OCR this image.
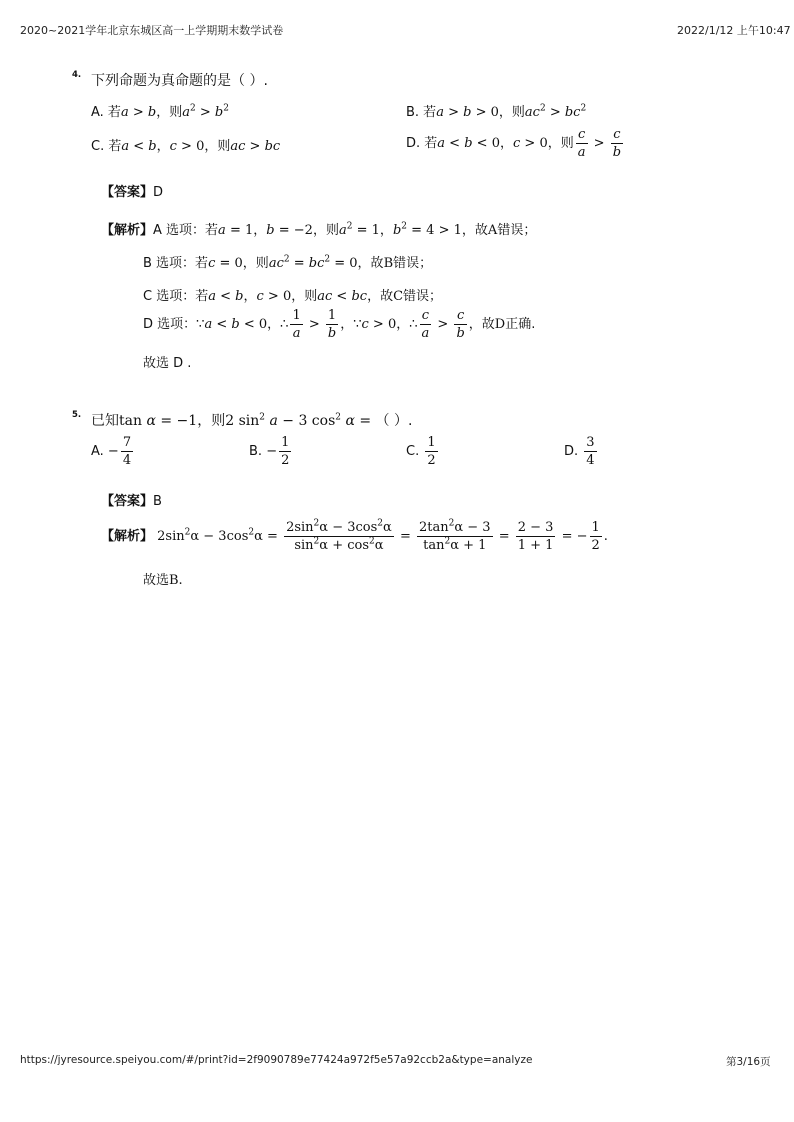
2020~2021学年北京东城区高一上学期期末数学试卷	2022/1/12 上午10:47
4. 下列命题为真命题的是（ ）.
A. 若a > b，则$a^2 > b^2$	B. 若a > b > 0，则$ac^2 > bc^2$
C. 若a < b，c > 0，则ac > bc	D. 若a < b < 0，c > 0，则 $\frac{c}{a} > \frac{c}{b}$
【答案】D
【解析】A 选项：若a = 1，b = −2，则$a^2 = 1$，$b^2 = 4 > 1$，故A错误；
B 选项：若c = 0，则$ac^2 = bc^2 = 0$，故B错误；
C 选项：若a < b，c > 0，则ac < bc，故C错误；
D 选项：∵a < b < 0，∴ $\frac{1}{a} > \frac{1}{b}$ ，∵c > 0，∴ $\frac{c}{a} > \frac{c}{b}$ ，故D正确.
故选 D .
5. 已知tan α = −1，则2 $\sin^2 a - 3$ $\cos^2 \alpha$ = （ ）.
A. − $\frac{7}{4}$	B. − $\frac{1}{2}$	C. $\frac{1}{2}$	D. $\frac{3}{4}$
【答案】B
【解析】 $2\sin^2\alpha - 3\cos^2\alpha = \frac{2\sin^2\alpha - 3\cos^2\alpha}{\sin^2\alpha + \cos^2\alpha} = \frac{2\tan^2\alpha - 3}{\tan^2\alpha + 1} = \frac{2 - 3}{1 + 1}$ = − $\frac{1}{2}$ .
故选B.
https://jyresource.speiyou.com/#/print?id=2f9090789e77424a972f5e57a92ccb2a&type=analyze	第3/16页
